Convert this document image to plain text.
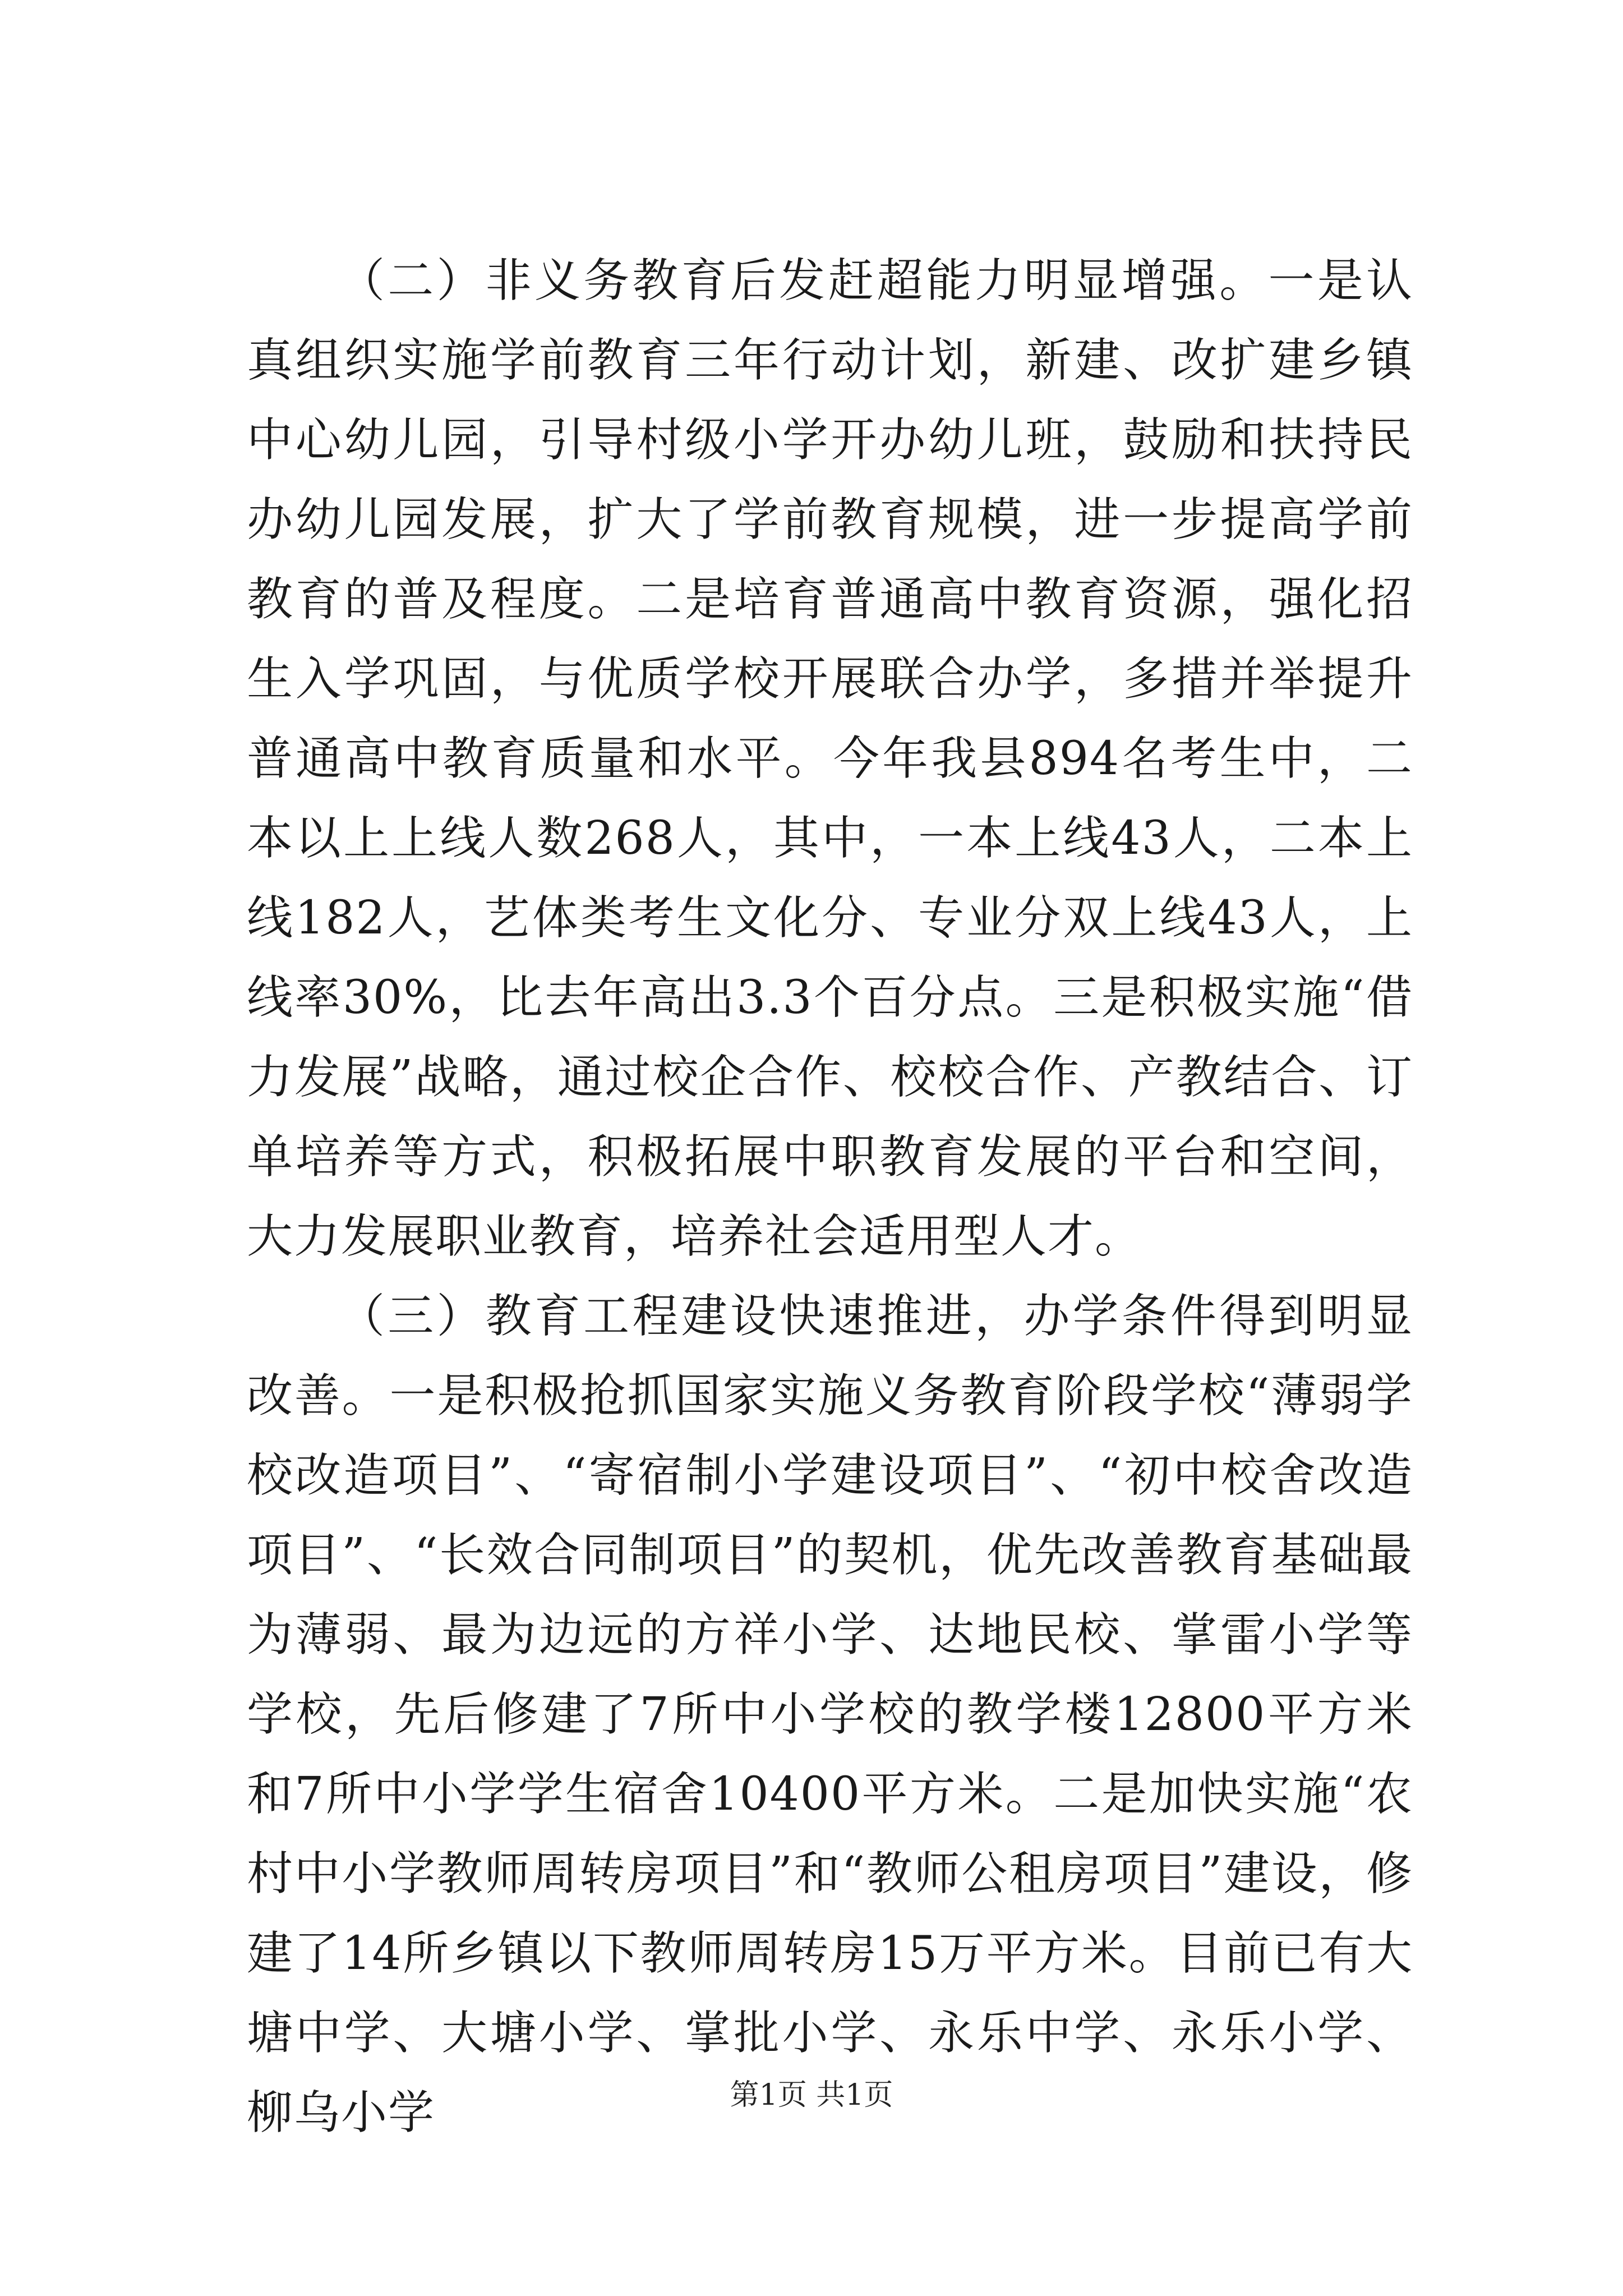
（二）非义务教育后发赶超能力明显增强。一是认真组织实施学前教育三年行动计划，新建、改扩建乡镇中心幼儿园，引导村级小学开办幼儿班，鼓励和扶持民办幼儿园发展，扩大了学前教育规模，进一步提高学前教育的普及程度。二是培育普通高中教育资源，强化招生入学巩固，与优质学校开展联合办学，多措并举提升普通高中教育质量和水平。今年我县894名考生中，二本以上上线人数268人，其中，一本上线43人，二本上线182人，艺体类考生文化分、专业分双上线43人，上线率30%，比去年高出3.3个百分点。三是积极实施“借力发展”战略，通过校企合作、校校合作、产教结合、订单培养等方式，积极拓展中职教育发展的平台和空间，大力发展职业教育，培养社会适用型人才。

（三）教育工程建设快速推进，办学条件得到明显改善。一是积极抢抓国家实施义务教育阶段学校“薄弱学校改造项目”、“寄宿制小学建设项目”、“初中校舍改造项目”、“长效合同制项目”的契机，优先改善教育基础最为薄弱、最为边远的方祥小学、达地民校、掌雷小学等学校，先后修建了7所中小学校的教学楼12800平方米和7所中小学学生宿舍10400平方米。二是加快实施“农村中小学教师周转房项目”和“教师公租房项目”建设，修建了14所乡镇以下教师周转房15万平方米。目前已有大塘中学、大塘小学、掌批小学、永乐中学、永乐小学、柳乌小学	第1页 共1页
